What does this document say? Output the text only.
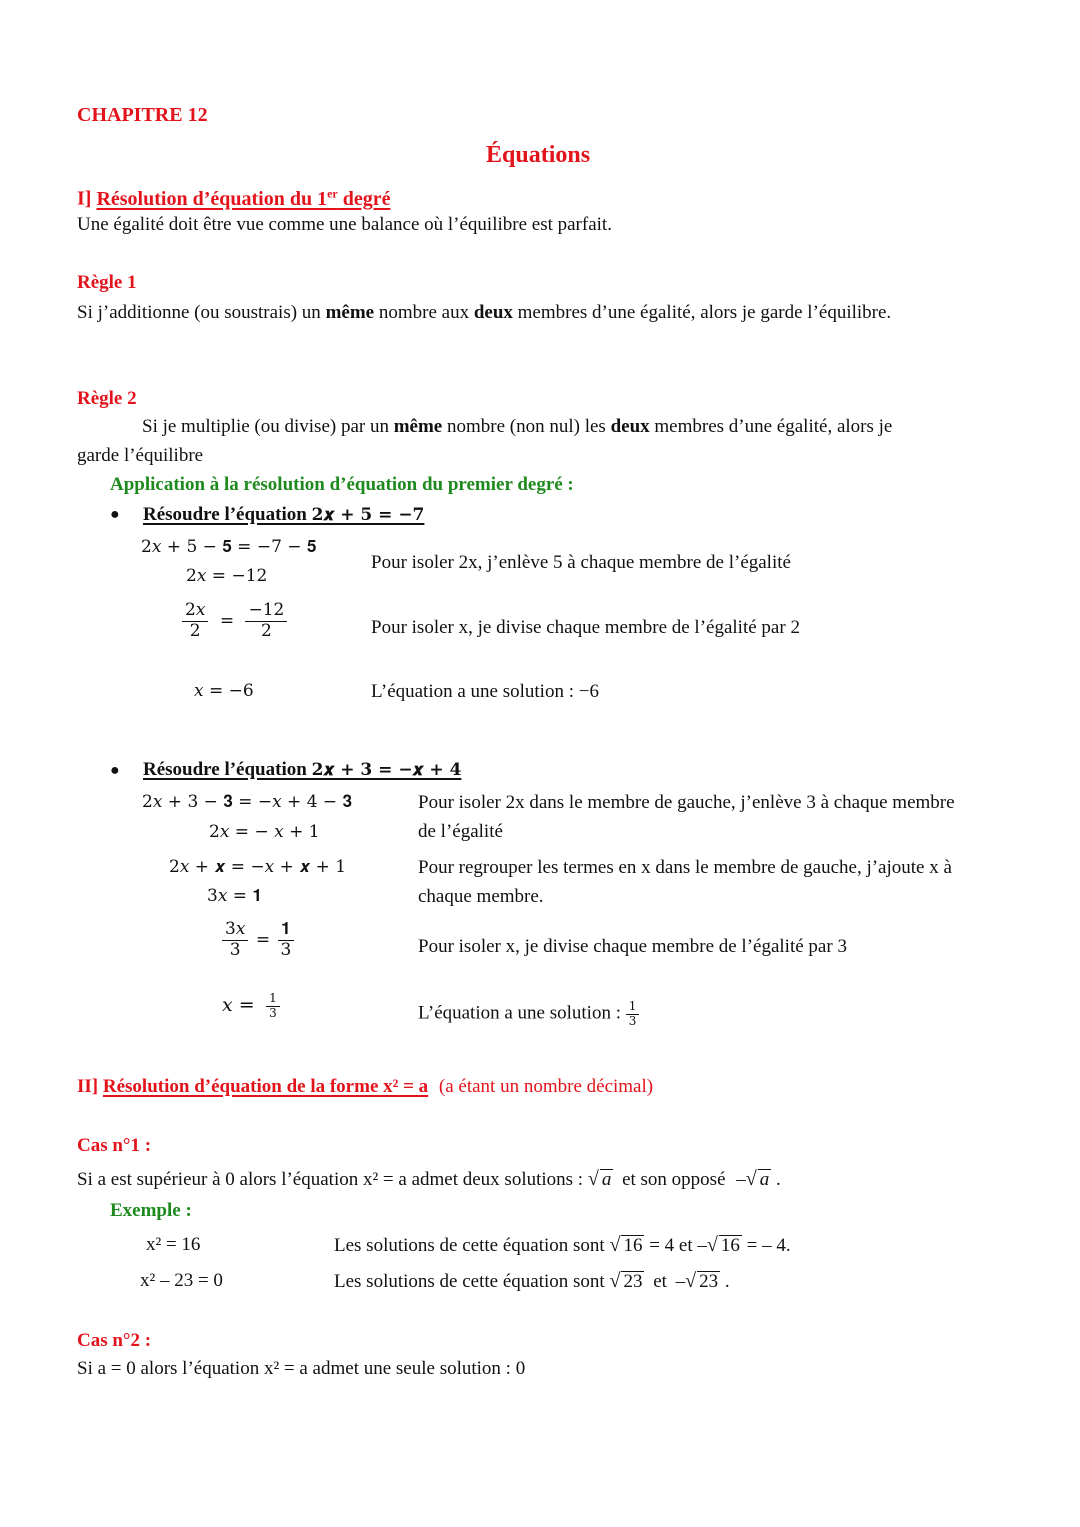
CHAPITRE 12
Équations
I] Résolution d’équation du 1er degré
Une égalité doit être vue comme une balance où l’équilibre est parfait.
Règle 1
Si j’additionne (ou soustrais) un même nombre aux deux membres d’une égalité, alors je garde l’équilibre.
Règle 2
Si je multiplie (ou divise) par un même nombre (non nul) les deux membres d’une égalité, alors je
garde l’équilibre
Application à la résolution d’équation du premier degré :
● Résoudre l’équation 2𝒙 + 𝟓 = −𝟕
2𝑥 + 5 − 𝟓 = −7 − 𝟓
2𝑥 = −12
$\frac{\text{2𝑥}}{2} = \frac{-12}{2}$
𝑥 = −6
Pour isoler 2x, j’enlève 5 à chaque membre de l’égalité
Pour isoler x, je divise chaque membre de l’égalité par 2
L’équation a une solution : −6
● Résoudre l’équation 2𝒙 + 𝟑 = −𝒙 + 𝟒
2𝑥 + 3 − 𝟑 = −𝑥 + 4 − 𝟑
2𝑥 = − 𝑥 + 1
2𝑥 + 𝒙 = −𝑥 + 𝒙 + 1
3𝑥 = 𝟏
$\frac{\text{3𝑥}}{3} = \frac{𝟏}{3}$
𝑥 = $\frac{1}{3}$
Pour isoler 2x dans le membre de gauche, j’enlève 3 à chaque membre
de l’égalité
Pour regrouper les termes en x dans le membre de gauche, j’ajoute x à
chaque membre.
Pour isoler x, je divise chaque membre de l’égalité par 3
L’équation a une solution : $\frac{1}{3}$
II] Résolution d’équation de la forme x² = a (a étant un nombre décimal)
Cas n°1 :
Si a est supérieur à 0 alors l’équation x² = a admet deux solutions : √ a et son opposé –√ a .
Exemple :
x² = 16	Les solutions de cette équation sont √ 16 = 4 et –√ 16 = – 4.
x² – 23 = 0	Les solutions de cette équation sont √ 23 et –√ 23 .
Cas n°2 :
Si a = 0 alors l’équation x² = a admet une seule solution : 0
